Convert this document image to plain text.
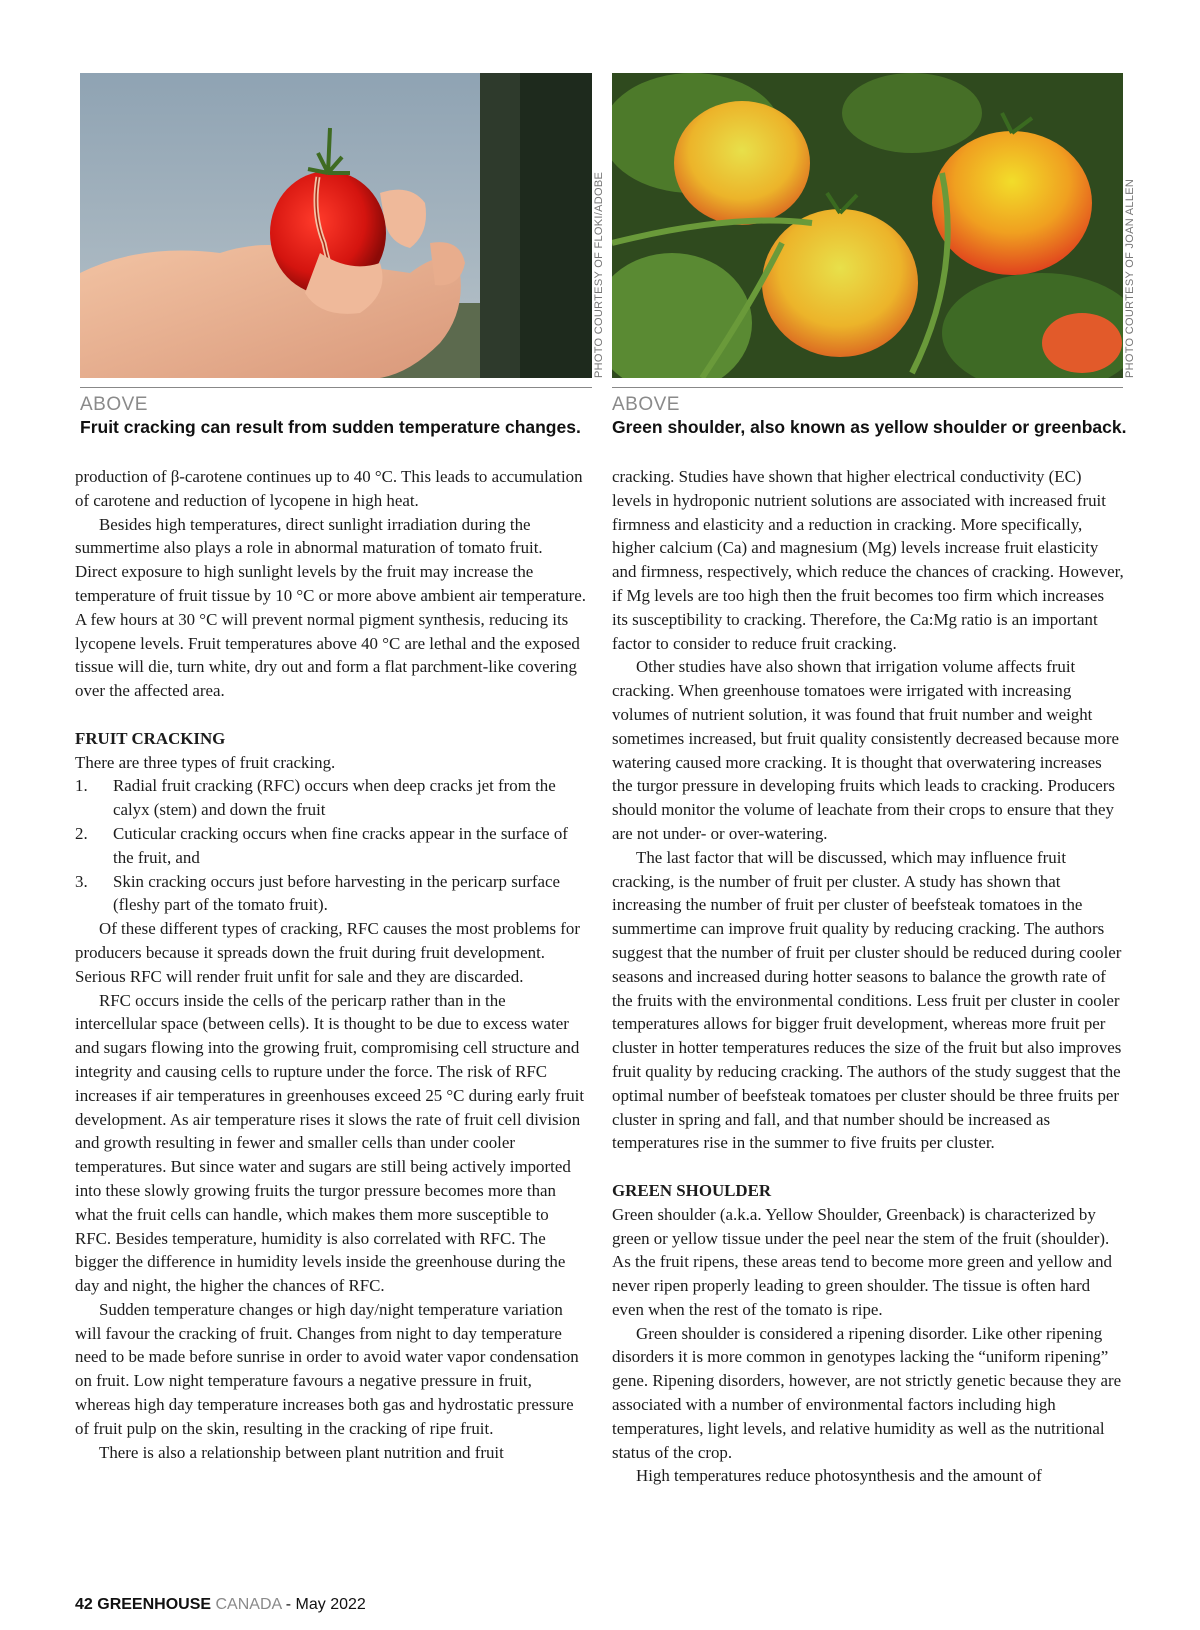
PHOTO COURTESY OF FLOKI/ADOBE	PHOTO COURTESY OF JOAN ALLEN
ABOVE
Fruit cracking can result from sudden temperature changes.
ABOVE
Green shoulder, also known as yellow shoulder or greenback.

production of β-carotene continues up to 40 °C. This leads to accumulation of carotene and reduction of lycopene in high heat.

Besides high temperatures, direct sunlight irradiation during the summertime also plays a role in abnormal maturation of tomato fruit. Direct exposure to high sunlight levels by the fruit may increase the temperature of fruit tissue by 10 °C or more above ambient air temperature. A few hours at 30 °C will prevent normal pigment synthesis, reducing its lycopene levels. Fruit temperatures above 40 °C are lethal and the exposed tissue will die, turn white, dry out and form a flat parchment-like covering over the affected area.

FRUIT CRACKING

There are three types of fruit cracking.

1. Radial fruit cracking (RFC) occurs when deep cracks jet from the calyx (stem) and down the fruit
2. Cuticular cracking occurs when fine cracks appear in the surface of the fruit, and
3. Skin cracking occurs just before harvesting in the pericarp surface (fleshy part of the tomato fruit).

Of these different types of cracking, RFC causes the most problems for producers because it spreads down the fruit during fruit development. Serious RFC will render fruit unfit for sale and they are discarded.

RFC occurs inside the cells of the pericarp rather than in the intercellular space (between cells). It is thought to be due to excess water and sugars flowing into the growing fruit, compromising cell structure and integrity and causing cells to rupture under the force. The risk of RFC increases if air temperatures in greenhouses exceed 25 °C during early fruit development. As air temperature rises it slows the rate of fruit cell division and growth resulting in fewer and smaller cells than under cooler temperatures. But since water and sugars are still being actively imported into these slowly growing fruits the turgor pressure becomes more than what the fruit cells can handle, which makes them more susceptible to RFC. Besides temperature, humidity is also correlated with RFC. The bigger the difference in humidity levels inside the greenhouse during the day and night, the higher the chances of RFC.

Sudden temperature changes or high day/night temperature variation will favour the cracking of fruit. Changes from night to day temperature need to be made before sunrise in order to avoid water vapor condensation on fruit. Low night temperature favours a negative pressure in fruit, whereas high day temperature increases both gas and hydrostatic pressure of fruit pulp on the skin, resulting in the cracking of ripe fruit.

There is also a relationship between plant nutrition and fruit

cracking. Studies have shown that higher electrical conductivity (EC) levels in hydroponic nutrient solutions are associated with increased fruit firmness and elasticity and a reduction in cracking. More specifically, higher calcium (Ca) and magnesium (Mg) levels increase fruit elasticity and firmness, respectively, which reduce the chances of cracking. However, if Mg levels are too high then the fruit becomes too firm which increases its susceptibility to cracking. Therefore, the Ca:Mg ratio is an important factor to consider to reduce fruit cracking.

Other studies have also shown that irrigation volume affects fruit cracking. When greenhouse tomatoes were irrigated with increasing volumes of nutrient solution, it was found that fruit number and weight sometimes increased, but fruit quality consistently decreased because more watering caused more cracking. It is thought that overwatering increases the turgor pressure in developing fruits which leads to cracking. Producers should monitor the volume of leachate from their crops to ensure that they are not under- or over-watering.

The last factor that will be discussed, which may influence fruit cracking, is the number of fruit per cluster. A study has shown that increasing the number of fruit per cluster of beefsteak tomatoes in the summertime can improve fruit quality by reducing cracking. The authors suggest that the number of fruit per cluster should be reduced during cooler seasons and increased during hotter seasons to balance the growth rate of the fruits with the environmental conditions. Less fruit per cluster in cooler temperatures allows for bigger fruit development, whereas more fruit per cluster in hotter temperatures reduces the size of the fruit but also improves fruit quality by reducing cracking. The authors of the study suggest that the optimal number of beefsteak tomatoes per cluster should be three fruits per cluster in spring and fall, and that number should be increased as temperatures rise in the summer to five fruits per cluster.

GREEN SHOULDER

Green shoulder (a.k.a. Yellow Shoulder, Greenback) is characterized by green or yellow tissue under the peel near the stem of the fruit (shoulder). As the fruit ripens, these areas tend to become more green and yellow and never ripen properly leading to green shoulder. The tissue is often hard even when the rest of the tomato is ripe.

Green shoulder is considered a ripening disorder. Like other ripening disorders it is more common in genotypes lacking the “uniform ripening” gene. Ripening disorders, however, are not strictly genetic because they are associated with a number of environmental factors including high temperatures, light levels, and relative humidity as well as the nutritional status of the crop.

High temperatures reduce photosynthesis and the amount of

42 GREENHOUSE CANADA - May 2022
